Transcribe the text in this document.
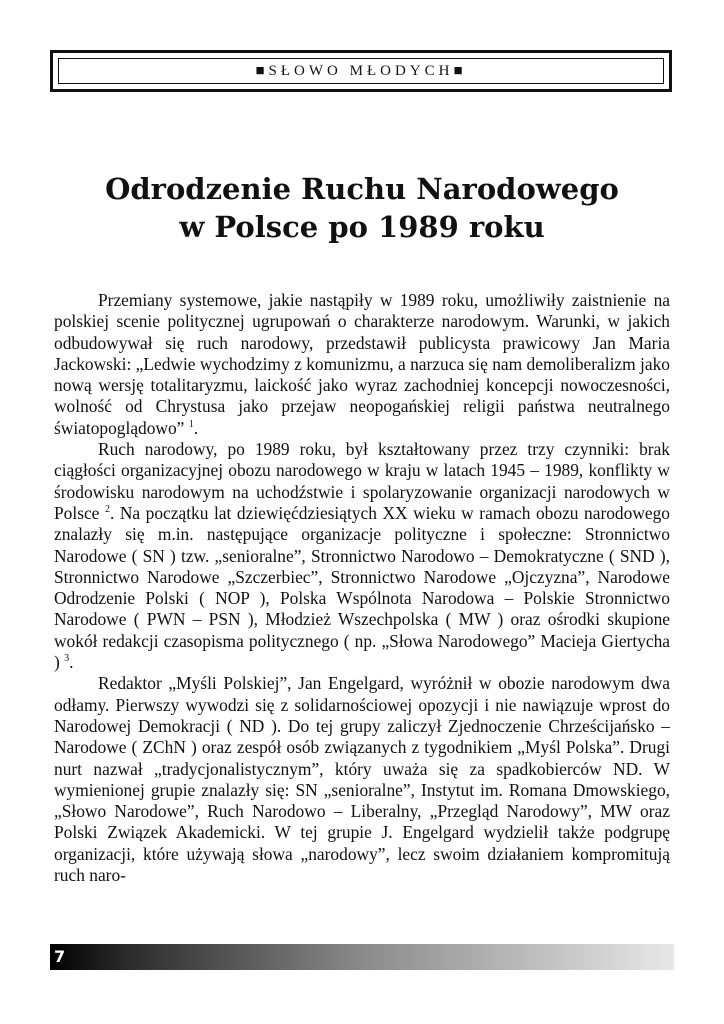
■SŁOWO MŁODYCH■
Odrodzenie Ruchu Narodowego
w Polsce po 1989 roku

Przemiany systemowe, jakie nastąpiły w 1989 roku, umożliwiły zaistnienie na polskiej scenie politycznej ugrupowań o charakterze narodowym. Warunki, w jakich odbudowywał się ruch narodowy, przedstawił publicysta prawicowy Jan Maria Jackowski: „Ledwie wychodzimy z komunizmu, a narzuca się nam demoliberalizm jako nową wersję totalitaryzmu, laickość jako wyraz zachodniej koncepcji nowoczesności, wolność od Chrystusa jako przejaw neopogańskiej religii państwa neutralnego światopoglądowo” $^1$.

Ruch narodowy, po 1989 roku, był kształtowany przez trzy czynniki: brak ciągłości organizacyjnej obozu narodowego w kraju w latach 1945 – 1989, konflikty w środowisku narodowym na uchodźstwie i spolaryzowanie organizacji narodowych w Polsce $^2$. Na początku lat dziewięćdziesiątych XX wieku w ramach obozu narodowego znalazły się m.in. następujące organizacje polityczne i społeczne: Stronnictwo Narodowe ( SN ) tzw. „senioralne”, Stronnictwo Narodowo – Demokratyczne ( SND ), Stronnictwo Narodowe „Szczerbiec”, Stronnictwo Narodowe „Ojczyzna”, Narodowe Odrodzenie Polski ( NOP ), Polska Wspólnota Narodowa – Polskie Stronnictwo Narodowe ( PWN – PSN ), Młodzież Wszechpolska ( MW ) oraz ośrodki skupione wokół redakcji czasopisma politycznego ( np. „Słowa Narodowego” Macieja Giertycha ) $^3$.

Redaktor „Myśli Polskiej”, Jan Engelgard, wyróżnił w obozie narodowym dwa odłamy. Pierwszy wywodzi się z solidarnościowej opozycji i nie nawiązuje wprost do Narodowej Demokracji ( ND ). Do tej grupy zaliczył Zjednoczenie Chrześcijańsko – Narodowe ( ZChN ) oraz zespół osób związanych z tygodnikiem „Myśl Polska”. Drugi nurt nazwał „tradycjonalistycznym”, który uważa się za spadkobierców ND. W wymienionej grupie znalazły się: SN „senioralne”, Instytut im. Romana Dmowskiego, „Słowo Narodowe”, Ruch Narodowo – Liberalny, „Przegląd Narodowy”, MW oraz Polski Związek Akademicki. W tej grupie J. Engelgard wydzielił także podgrupę organizacji, które używają słowa „narodowy”, lecz swoim działaniem kompromitują ruch naro-

7
